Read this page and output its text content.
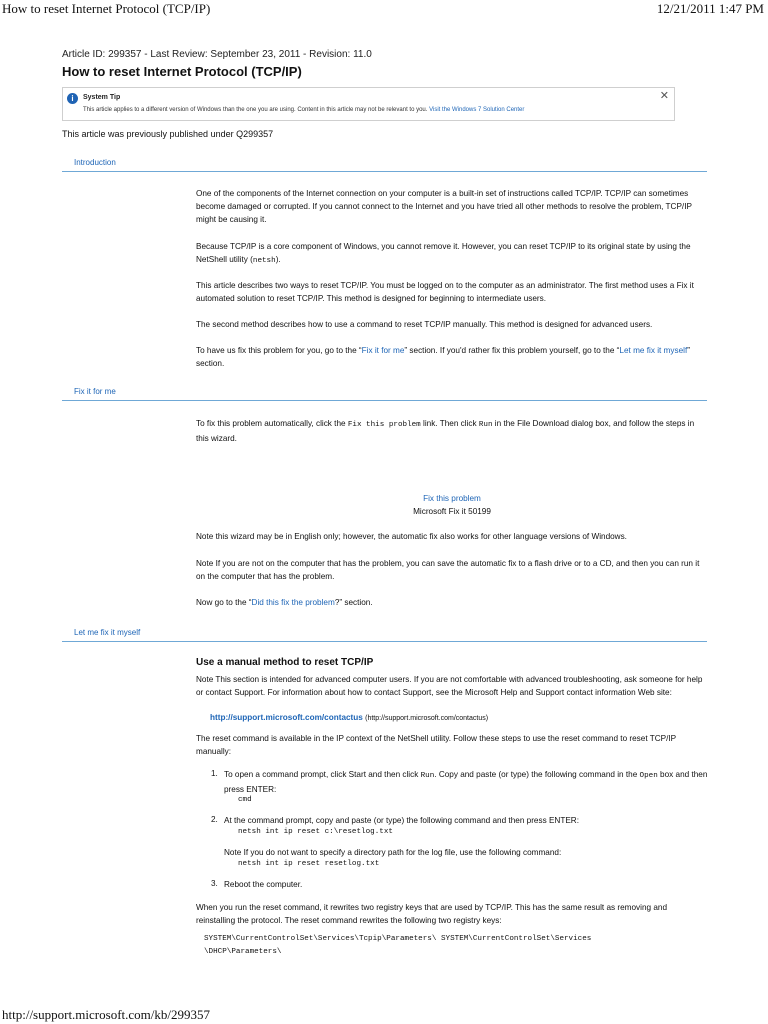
How to reset Internet Protocol (TCP/IP)	12/21/2011 1:47 PM
Article ID: 299357 - Last Review: September 23, 2011 - Revision: 11.0
How to reset Internet Protocol (TCP/IP)
i	System Tip
This article applies to a different version of Windows than the one you are using. Content in this article may not be relevant to you. Visit the Windows 7 Solution Center
✕
This article was previously published under Q299357
Introduction

One of the components of the Internet connection on your computer is a built-in set of instructions called TCP/IP. TCP/IP can sometimes become damaged or corrupted. If you cannot connect to the Internet and you have tried all other methods to resolve the problem, TCP/IP might be causing it.

Because TCP/IP is a core component of Windows, you cannot remove it. However, you can reset TCP/IP to its original state by using the NetShell utility (netsh).

This article describes two ways to reset TCP/IP. You must be logged on to the computer as an administrator. The first method uses a Fix it automated solution to reset TCP/IP. This method is designed for beginning to intermediate users.

The second method describes how to use a command to reset TCP/IP manually. This method is designed for advanced users.

To have us fix this problem for you, go to the “Fix it for me” section. If you'd rather fix this problem yourself, go to the “Let me fix it myself” section.

Fix it for me

To fix this problem automatically, click the Fix this problem link. Then click Run in the File Download dialog box, and follow the steps in this wizard.

Fix this problem
Microsoft Fix it 50199

Note this wizard may be in English only; however, the automatic fix also works for other language versions of Windows.

Note If you are not on the computer that has the problem, you can save the automatic fix to a flash drive or to a CD, and then you can run it on the computer that has the problem.

Now go to the “Did this fix the problem?” section.

Let me fix it myself
Use a manual method to reset TCP/IP

Note This section is intended for advanced computer users. If you are not comfortable with advanced troubleshooting, ask someone for help or contact Support. For information about how to contact Support, see the Microsoft Help and Support contact information Web site:

http://support.microsoft.com/contactus (http://support.microsoft.com/contactus)

The reset command is available in the IP context of the NetShell utility. Follow these steps to use the reset command to reset TCP/IP manually:

1. To open a command prompt, click Start and then click Run. Copy and paste (or type) the following command in the Open box and then press ENTER:
cmd
2. At the command prompt, copy and paste (or type) the following command and then press ENTER:
netsh int ip reset c:\resetlog.txt
Note If you do not want to specify a directory path for the log file, use the following command:
netsh int ip reset resetlog.txt
3. Reboot the computer.

When you run the reset command, it rewrites two registry keys that are used by TCP/IP. This has the same result as removing and reinstalling the protocol. The reset command rewrites the following two registry keys:

SYSTEM\CurrentControlSet\Services\Tcpip\Parameters\ SYSTEM\CurrentControlSet\Services
\DHCP\Parameters\
http://support.microsoft.com/kb/299357
